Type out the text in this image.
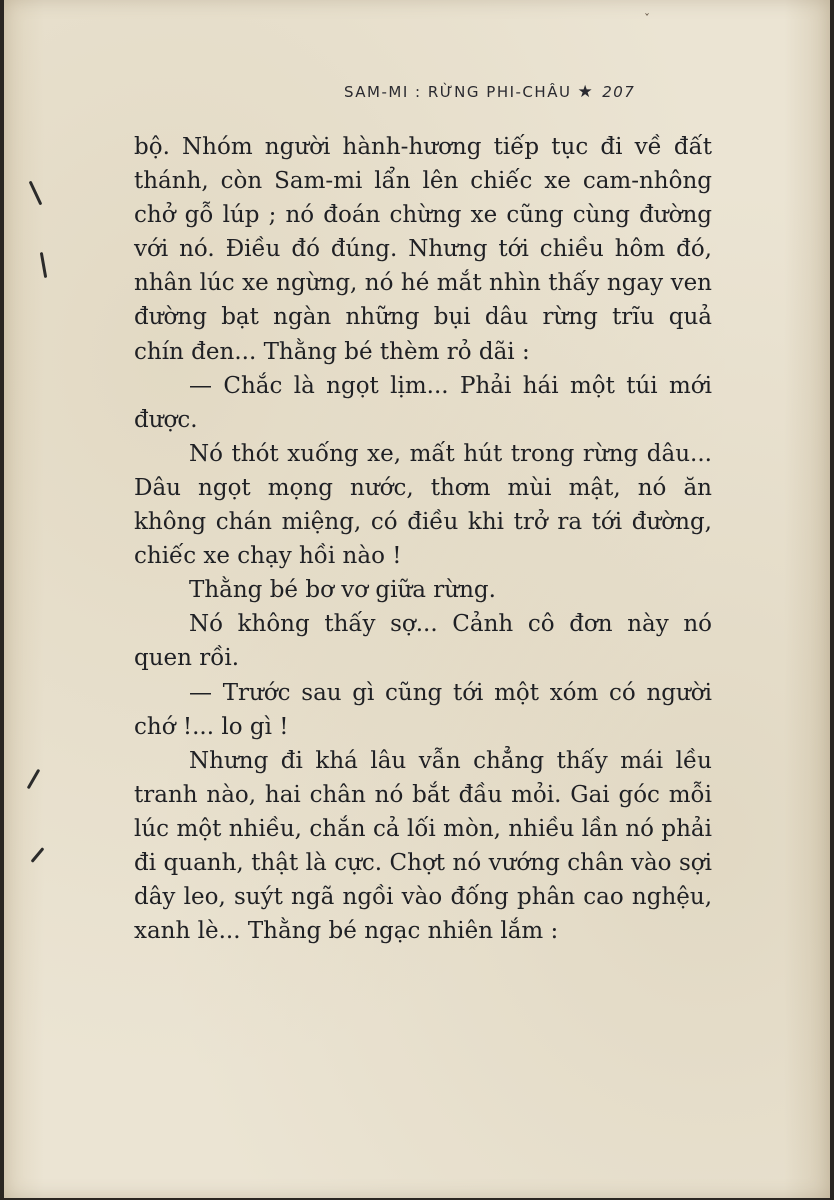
ˇ
SAM-MI : RỪNG PHI-CHÂU ★ 207

bộ. Nhóm người hành-hương tiếp tục đi về đất thánh, còn Sam-mi lẩn lên chiếc xe cam-nhông chở gỗ lúp ; nó đoán chừng xe cũng cùng đường với nó. Điều đó đúng. Nhưng tới chiều hôm đó, nhân lúc xe ngừng, nó hé mắt nhìn thấy ngay ven đường bạt ngàn những bụi dâu rừng trĩu quả chín đen... Thằng bé thèm rỏ dãi :

— Chắc là ngọt lịm... Phải hái một túi mới được.

Nó thót xuống xe, mất hút trong rừng dâu... Dâu ngọt mọng nước, thơm mùi mật, nó ăn không chán miệng, có điều khi trở ra tới đường, chiếc xe chạy hồi nào !

Thằng bé bơ vơ giữa rừng.

Nó không thấy sợ... Cảnh cô đơn này nó quen rồi.

— Trước sau gì cũng tới một xóm có người chớ !... lo gì !

Nhưng đi khá lâu vẫn chẳng thấy mái lều tranh nào, hai chân nó bắt đầu mỏi. Gai góc mỗi lúc một nhiều, chắn cả lối mòn, nhiều lần nó phải đi quanh, thật là cực. Chợt nó vướng chân vào sợi dây leo, suýt ngã ngồi vào đống phân cao nghệu, xanh lè... Thằng bé ngạc nhiên lắm :
